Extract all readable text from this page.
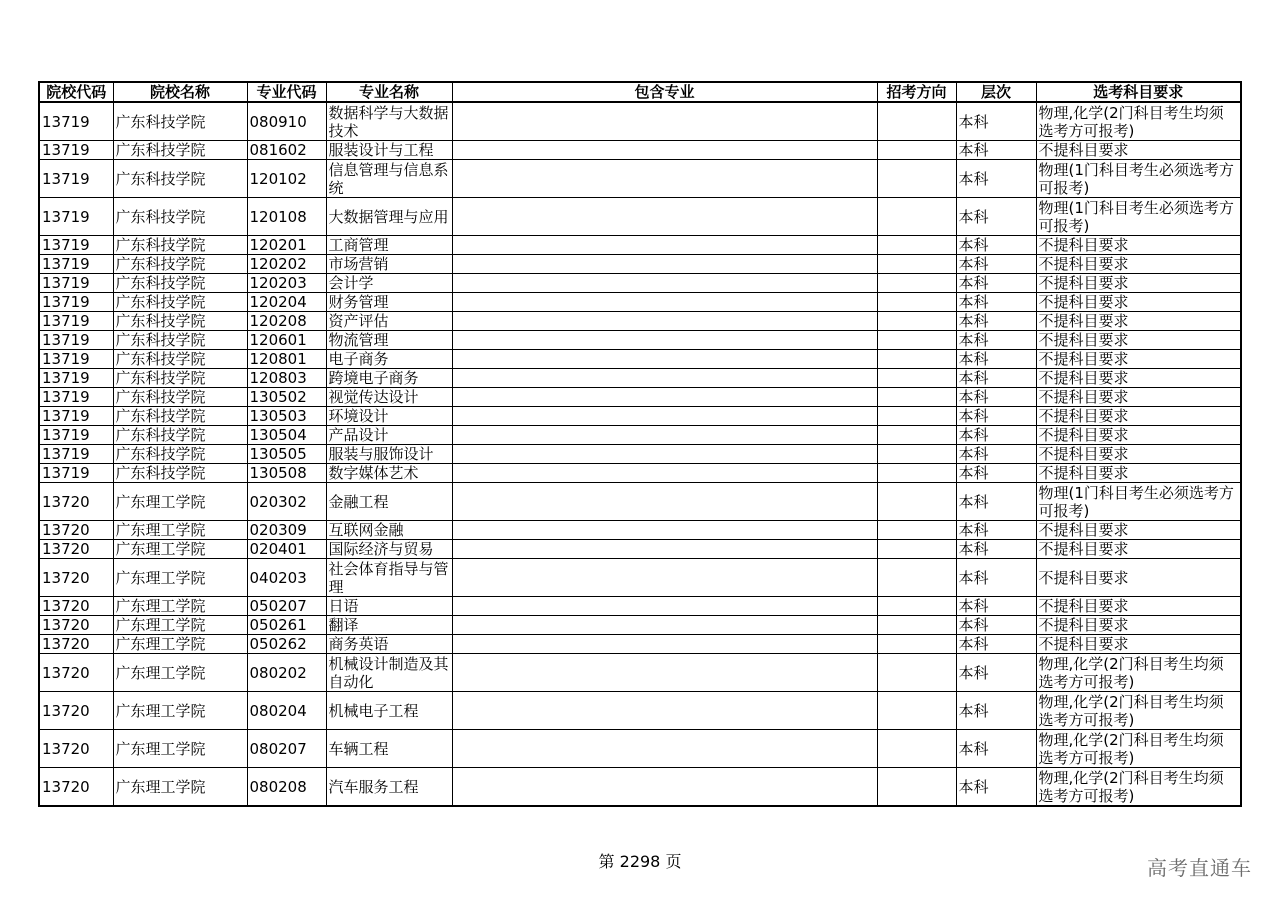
院校代码	院校名称	专业代码	专业名称	包含专业	招考方向	层次	选考科目要求
13719	广东科技学院	080910	数据科学与大数据技术			本科	物理,化学(2门科目考生均须选考方可报考)
13719	广东科技学院	081602	服装设计与工程			本科	不提科目要求
13719	广东科技学院	120102	信息管理与信息系统			本科	物理(1门科目考生必须选考方可报考)
13719	广东科技学院	120108	大数据管理与应用			本科	物理(1门科目考生必须选考方可报考)
13719	广东科技学院	120201	工商管理			本科	不提科目要求
13719	广东科技学院	120202	市场营销			本科	不提科目要求
13719	广东科技学院	120203	会计学			本科	不提科目要求
13719	广东科技学院	120204	财务管理			本科	不提科目要求
13719	广东科技学院	120208	资产评估			本科	不提科目要求
13719	广东科技学院	120601	物流管理			本科	不提科目要求
13719	广东科技学院	120801	电子商务			本科	不提科目要求
13719	广东科技学院	120803	跨境电子商务			本科	不提科目要求
13719	广东科技学院	130502	视觉传达设计			本科	不提科目要求
13719	广东科技学院	130503	环境设计			本科	不提科目要求
13719	广东科技学院	130504	产品设计			本科	不提科目要求
13719	广东科技学院	130505	服装与服饰设计			本科	不提科目要求
13719	广东科技学院	130508	数字媒体艺术			本科	不提科目要求
13720	广东理工学院	020302	金融工程			本科	物理(1门科目考生必须选考方可报考)
13720	广东理工学院	020309	互联网金融			本科	不提科目要求
13720	广东理工学院	020401	国际经济与贸易			本科	不提科目要求
13720	广东理工学院	040203	社会体育指导与管理			本科	不提科目要求
13720	广东理工学院	050207	日语			本科	不提科目要求
13720	广东理工学院	050261	翻译			本科	不提科目要求
13720	广东理工学院	050262	商务英语			本科	不提科目要求
13720	广东理工学院	080202	机械设计制造及其自动化			本科	物理,化学(2门科目考生均须选考方可报考)
13720	广东理工学院	080204	机械电子工程			本科	物理,化学(2门科目考生均须选考方可报考)
13720	广东理工学院	080207	车辆工程			本科	物理,化学(2门科目考生均须选考方可报考)
13720	广东理工学院	080208	汽车服务工程			本科	物理,化学(2门科目考生均须选考方可报考)
第 2298 页	高考直通车
